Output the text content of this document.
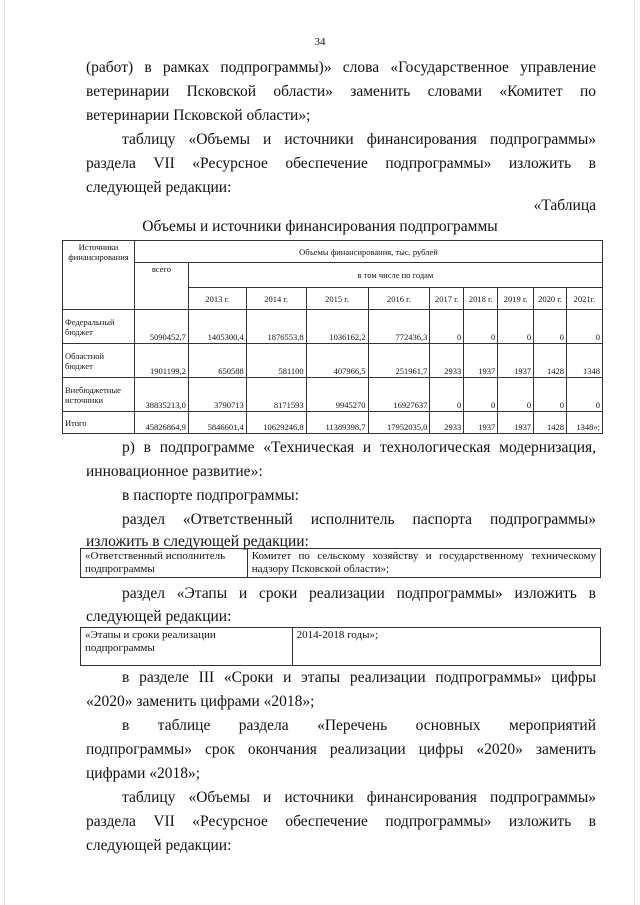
34

(работ) в рамках подпрограммы)» слова «Государственное управление

ветеринарии Псковской области» заменить словами «Комитет по

ветеринарии Псковской области»;

таблицу «Объемы и источники финансирования подпрограммы»

раздела VII «Ресурсное обеспечение подпрограммы» изложить в

следующей редакции:

«Таблица

Объемы и источники финансирования подпрограммы
Источники финансирования	Объемы финансирования, тыс. рублей									
	всего	в том числе по годам								
		2013 г.	2014 г.	2015 г.	2016 г.	2017 г.	2018 г.	2019 г.	2020 г.	2021г.
Федеральный бюджет	5090452,7	1405300,4	1876553,8	1036162,2	772436,3	0	0	0	0	0
Областной бюджет	1901199,2	650588	581100	407966,5	251961,7	2933	1937	1937	1428	1348
Внебюджетные источники	38835213,0	3790713	8171593	9945270	16927637	0	0	0	0	0
Итого	45826864,9	5846601,4	10629246,8	11389398,7	17952035,0	2933	1937	1937	1428	1348»;

р) в подпрограмме «Техническая и технологическая модернизация,

инновационное развитие»:

в паспорте подпрограммы:

раздел «Ответственный исполнитель паспорта подпрограммы»

изложить в следующей редакции:

«Ответственный исполнитель подпрограммы	Комитет по сельскому хозяйству и государственному техническому надзору Псковской области»;

раздел «Этапы и сроки реализации подпрограммы» изложить в

следующей редакции:

«Этапы и сроки реализации подпрограммы	2014-2018 годы»;

в разделе III «Сроки и этапы реализации подпрограммы» цифры

«2020» заменить цифрами «2018»;

в таблице раздела «Перечень основных мероприятий

подпрограммы» срок окончания реализации цифры «2020» заменить

цифрами «2018»;

таблицу «Объемы и источники финансирования подпрограммы»

раздела VII «Ресурсное обеспечение подпрограммы» изложить в

следующей редакции:
